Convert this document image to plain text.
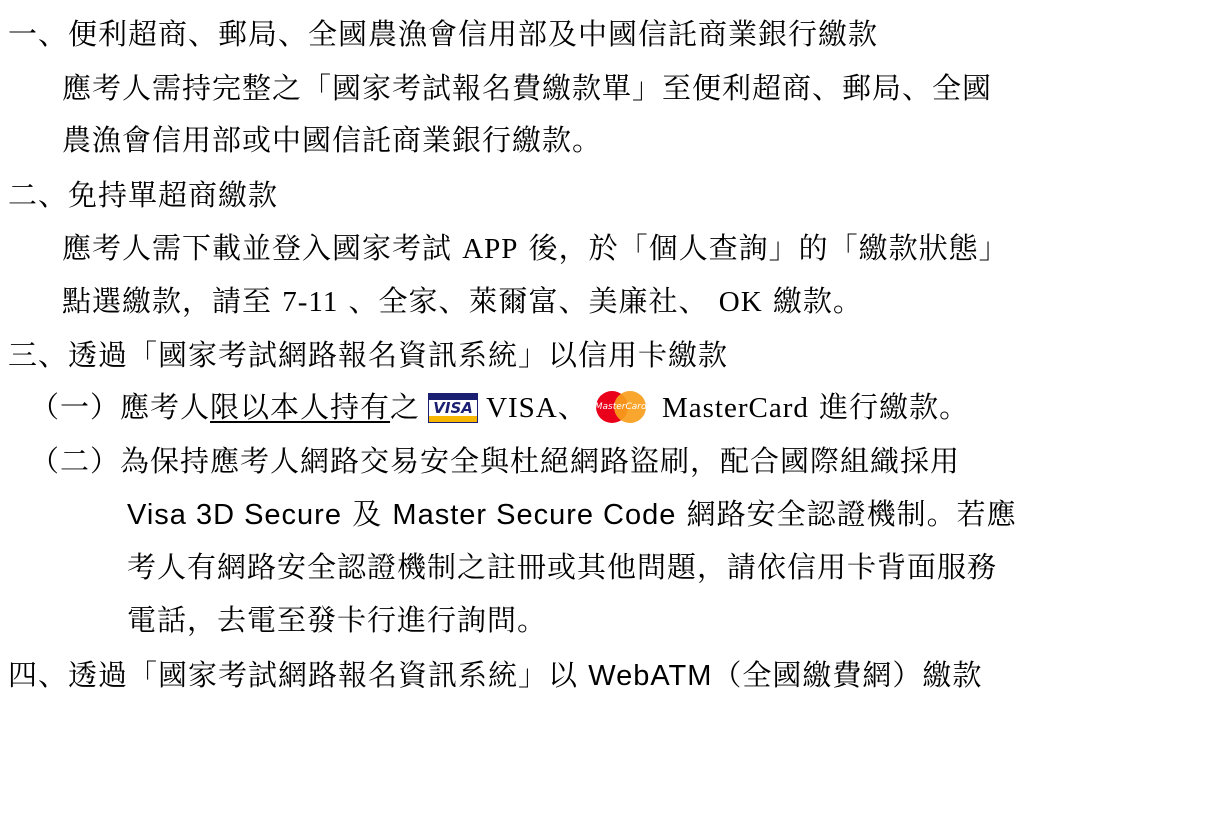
一、便利超商、郵局、全國農漁會信用部及中國信託商業銀行繳款
應考人需持完整之「國家考試報名費繳款單」至便利超商、郵局、全國
農漁會信用部或中國信託商業銀行繳款。
二、免持單超商繳款
應考人需下載並登入國家考試 APP 後，於「個人查詢」的「繳款狀態」
點選繳款，請至 7-11 、全家、萊爾富、美廉社、 OK 繳款。
三、透過「國家考試網路報名資訊系統」以信用卡繳款
（一）應考人限以本人持有之 VISA VISA、 MasterCard MasterCard 進行繳款。
（二）為保持應考人網路交易安全與杜絕網路盜刷，配合國際組織採用
Visa 3D Secure 及 Master Secure Code 網路安全認證機制。若應
考人有網路安全認證機制之註冊或其他問題，請依信用卡背面服務
電話，去電至發卡行進行詢問。
四、透過「國家考試網路報名資訊系統」以 WebATM（全國繳費網）繳款
